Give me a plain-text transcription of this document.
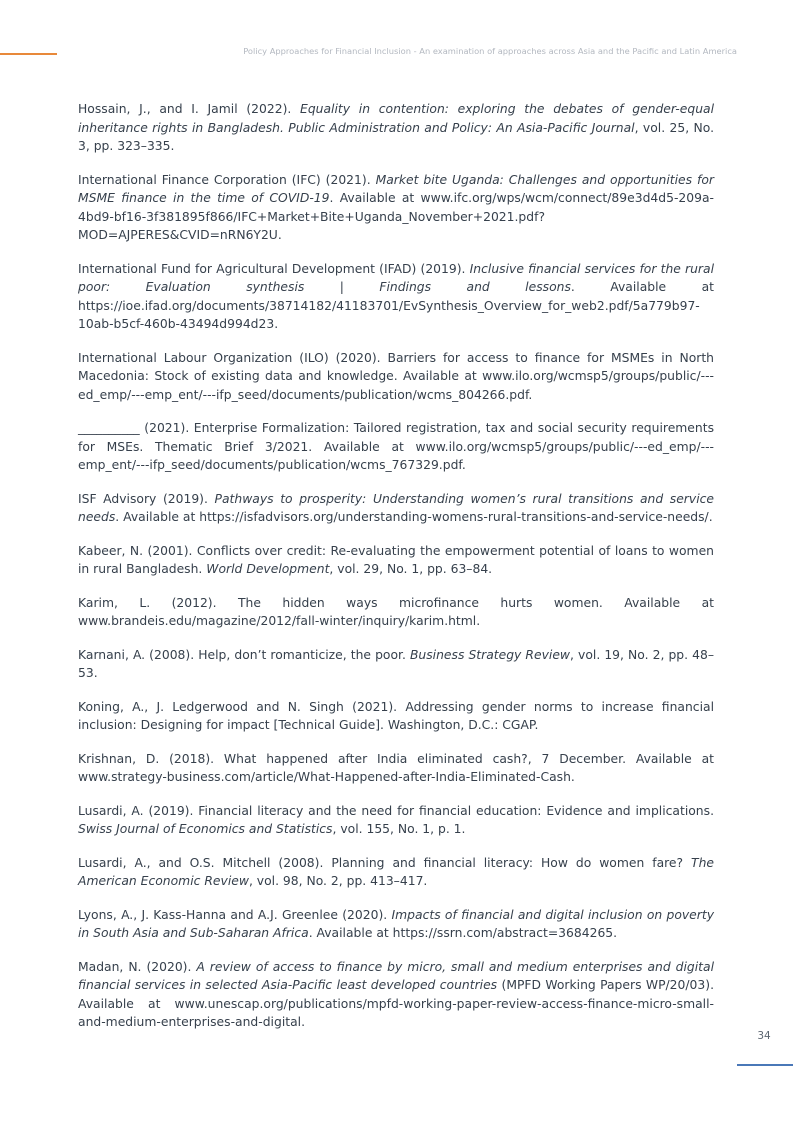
Policy Approaches for Financial Inclusion - An examination of approaches across Asia and the Pacific and Latin America

Hossain, J., and I. Jamil (2022). Equality in contention: exploring the debates of gender-equal inheritance rights in Bangladesh. Public Administration and Policy: An Asia-Pacific Journal, vol. 25, No. 3, pp. 323–335.

International Finance Corporation (IFC) (2021). Market bite Uganda: Challenges and opportunities for MSME finance in the time of COVID-19. Available at www.ifc.org/wps/wcm/connect/89e3d4d5-209a-4bd9-bf16-3f381895f866/IFC+Market+Bite+Uganda_November+2021.pdf?MOD=AJPERES&CVID=nRN6Y2U.

International Fund for Agricultural Development (IFAD) (2019). Inclusive financial services for the rural poor: Evaluation synthesis | Findings and lessons. Available at https://ioe.ifad.org/documents/38714182/41183701/EvSynthesis_Overview_for_web2.pdf/5a779b97-10ab-b5cf-460b-43494d994d23.

International Labour Organization (ILO) (2020). Barriers for access to finance for MSMEs in North Macedonia: Stock of existing data and knowledge. Available at www.ilo.org/wcmsp5/groups/public/---ed_emp/---emp_ent/---ifp_seed/documents/publication/wcms_804266.pdf.

__________ (2021). Enterprise Formalization: Tailored registration, tax and social security requirements for MSEs. Thematic Brief 3/2021. Available at www.ilo.org/wcmsp5/groups/public/---ed_emp/---emp_ent/---ifp_seed/documents/publication/wcms_767329.pdf.

ISF Advisory (2019). Pathways to prosperity: Understanding women’s rural transitions and service needs. Available at https://isfadvisors.org/understanding-womens-rural-transitions-and-service-needs/.

Kabeer, N. (2001). Conflicts over credit: Re-evaluating the empowerment potential of loans to women in rural Bangladesh. World Development, vol. 29, No. 1, pp. 63–84.

Karim, L. (2012). The hidden ways microfinance hurts women. Available at www.brandeis.edu/magazine/2012/fall-winter/inquiry/karim.html.

Karnani, A. (2008). Help, don’t romanticize, the poor. Business Strategy Review, vol. 19, No. 2, pp. 48–53.

Koning, A., J. Ledgerwood and N. Singh (2021). Addressing gender norms to increase financial inclusion: Designing for impact [Technical Guide]. Washington, D.C.: CGAP.

Krishnan, D. (2018). What happened after India eliminated cash?, 7 December. Available at www.strategy-business.com/article/What-Happened-after-India-Eliminated-Cash.

Lusardi, A. (2019). Financial literacy and the need for financial education: Evidence and implications. Swiss Journal of Economics and Statistics, vol. 155, No. 1, p. 1.

Lusardi, A., and O.S. Mitchell (2008). Planning and financial literacy: How do women fare? The American Economic Review, vol. 98, No. 2, pp. 413–417.

Lyons, A., J. Kass-Hanna and A.J. Greenlee (2020). Impacts of financial and digital inclusion on poverty in South Asia and Sub-Saharan Africa. Available at https://ssrn.com/abstract=3684265.

Madan, N. (2020). A review of access to finance by micro, small and medium enterprises and digital financial services in selected Asia-Pacific least developed countries (MPFD Working Papers WP/20/03). Available at www.unescap.org/publications/mpfd-working-paper-review-access-finance-micro-small-and-medium-enterprises-and-digital.

34
